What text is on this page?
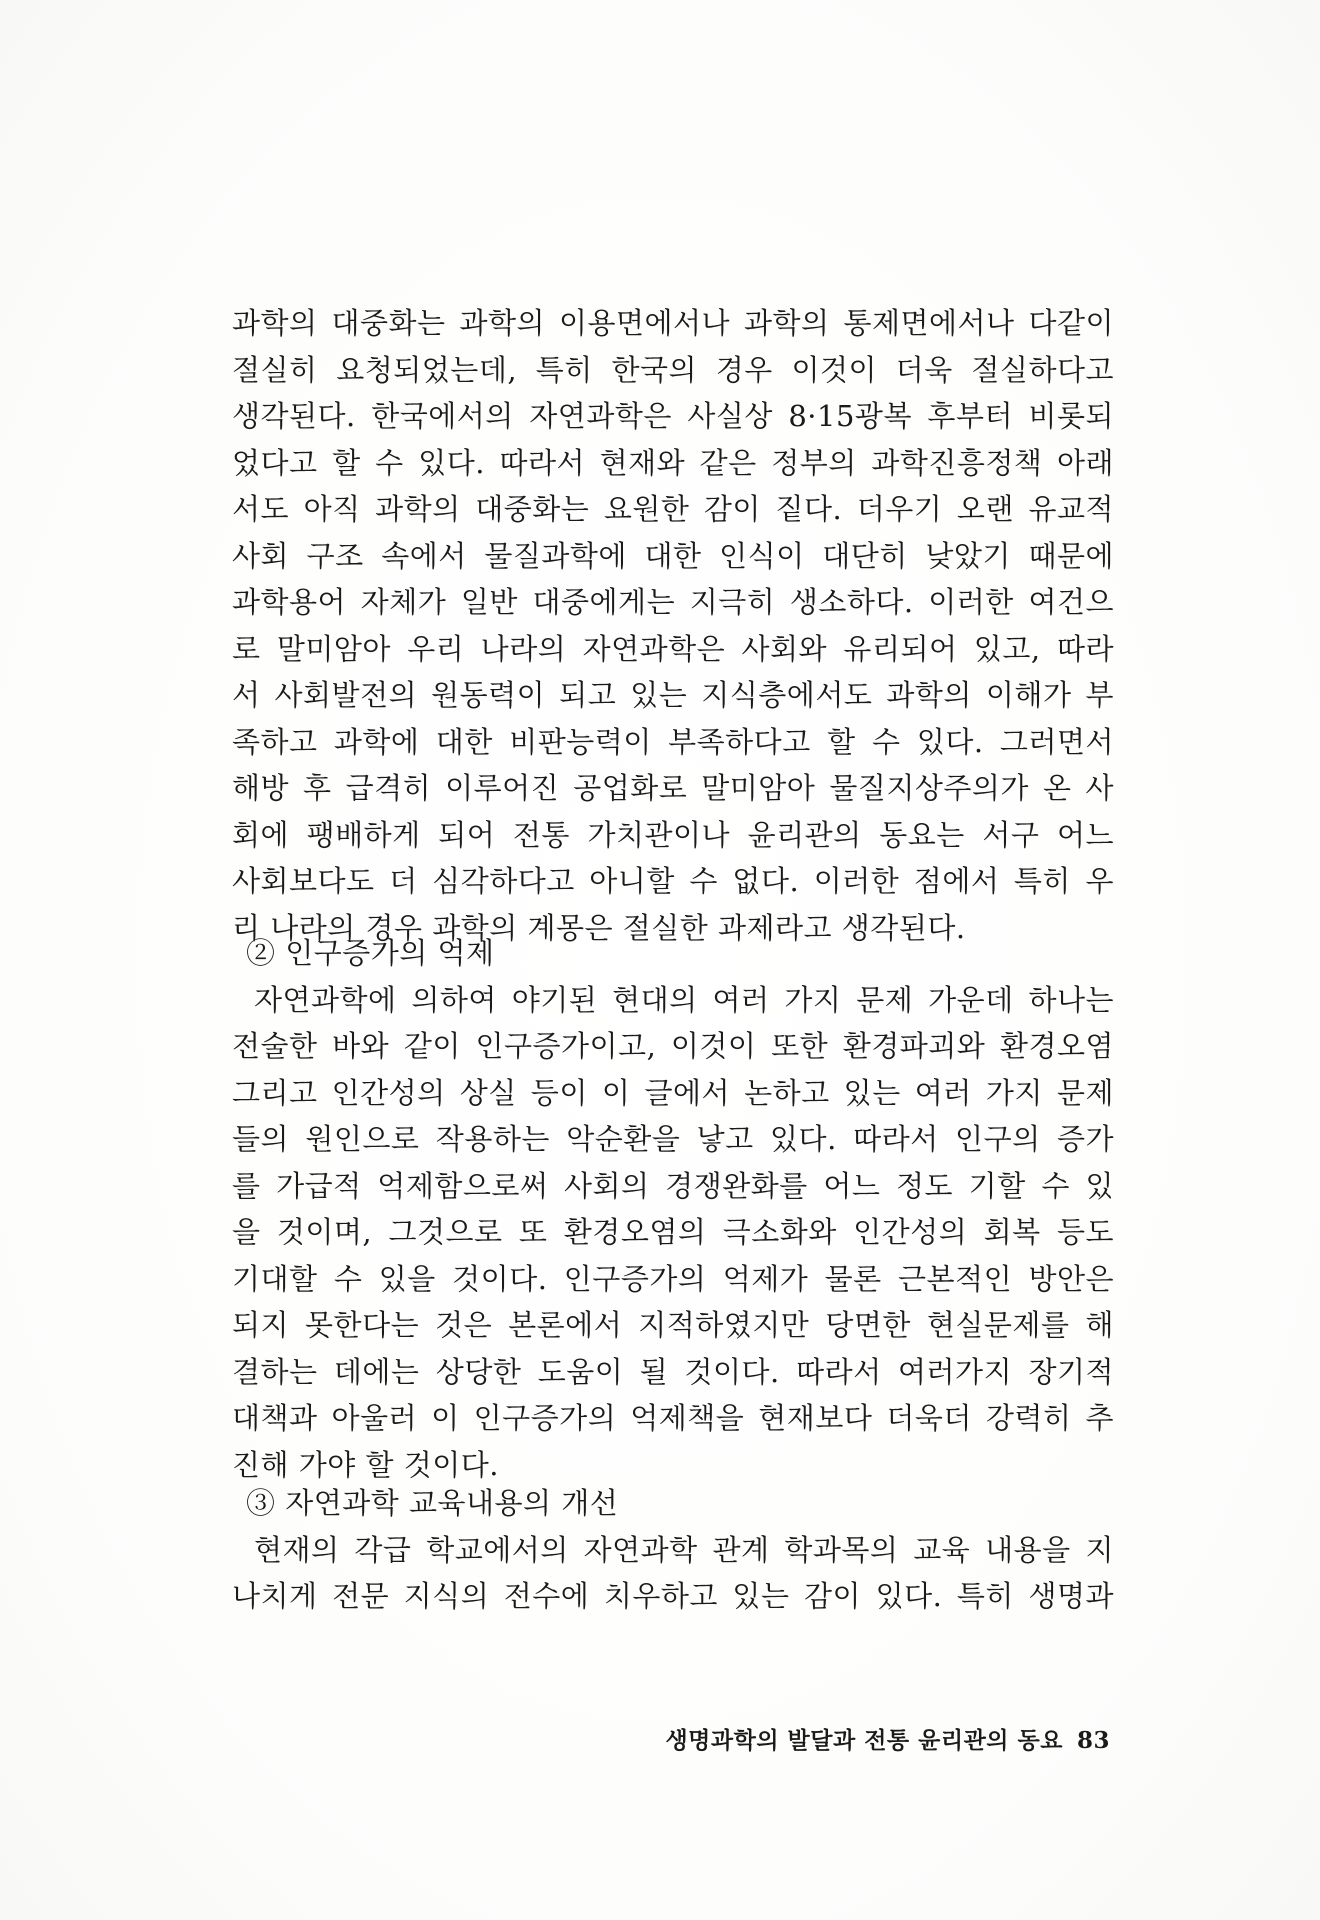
과학의 대중화는 과학의 이용면에서나 과학의 통제면에서나 다같이
절실히 요청되었는데, 특히 한국의 경우 이것이 더욱 절실하다고
생각된다. 한국에서의 자연과학은 사실상 8·15광복 후부터 비롯되
었다고 할 수 있다. 따라서 현재와 같은 정부의 과학진흥정책 아래
서도 아직 과학의 대중화는 요원한 감이 짙다. 더우기 오랜 유교적
사회 구조 속에서 물질과학에 대한 인식이 대단히 낮았기 때문에
과학용어 자체가 일반 대중에게는 지극히 생소하다. 이러한 여건으
로 말미암아 우리 나라의 자연과학은 사회와 유리되어 있고, 따라
서 사회발전의 원동력이 되고 있는 지식층에서도 과학의 이해가 부
족하고 과학에 대한 비판능력이 부족하다고 할 수 있다. 그러면서
해방 후 급격히 이루어진 공업화로 말미암아 물질지상주의가 온 사
회에 팽배하게 되어 전통 가치관이나 윤리관의 동요는 서구 어느
사회보다도 더 심각하다고 아니할 수 없다. 이러한 점에서 특히 우
리 나라의 경우 과학의 계몽은 절실한 과제라고 생각된다.
② 인구증가의 억제
자연과학에 의하여 야기된 현대의 여러 가지 문제 가운데 하나는
전술한 바와 같이 인구증가이고, 이것이 또한 환경파괴와 환경오염
그리고 인간성의 상실 등이 이 글에서 논하고 있는 여러 가지 문제
들의 원인으로 작용하는 악순환을 낳고 있다. 따라서 인구의 증가
를 가급적 억제함으로써 사회의 경쟁완화를 어느 정도 기할 수 있
을 것이며, 그것으로 또 환경오염의 극소화와 인간성의 회복 등도
기대할 수 있을 것이다. 인구증가의 억제가 물론 근본적인 방안은
되지 못한다는 것은 본론에서 지적하였지만 당면한 현실문제를 해
결하는 데에는 상당한 도움이 될 것이다. 따라서 여러가지 장기적
대책과 아울러 이 인구증가의 억제책을 현재보다 더욱더 강력히 추
진해 가야 할 것이다.
③ 자연과학 교육내용의 개선
현재의 각급 학교에서의 자연과학 관계 학과목의 교육 내용을 지
나치게 전문 지식의 전수에 치우하고 있는 감이 있다. 특히 생명과
생명과학의 발달과 전통 윤리관의 동요 83
